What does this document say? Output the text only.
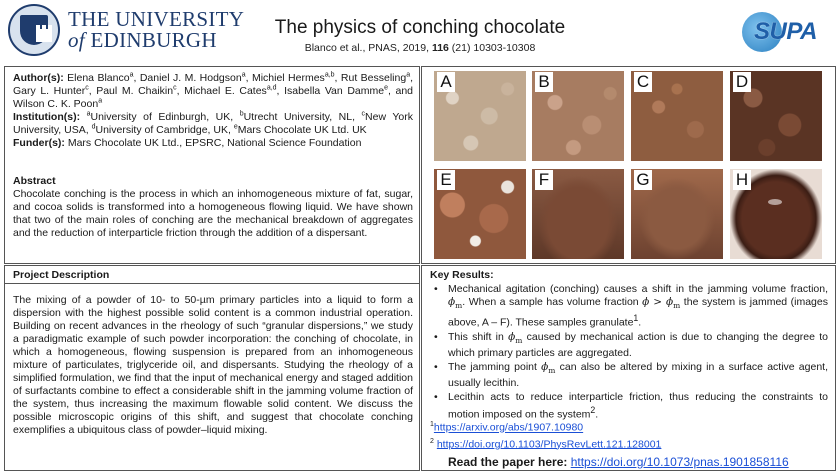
THE UNIVERSITY
of EDINBURGH
The physics of conching chocolate
Blanco et al., PNAS, 2019, 116 (21) 10303-10308
SUPA

Author(s): Elena Blanco$^a$, Daniel J. M. Hodgson$^a$, Michiel Hermes$^{a,b}$, Rut Besseling$^a$, Gary L. Hunter$^c$, Paul M. Chaikin$^c$, Michael E. Cates$^{a,d}$, Isabella Van Damme$^e$, and Wilson C. K. Poon$^a$

Institution(s): $^a$University of Edinburgh, UK, $^b$Utrecht University, NL, $^c$New York University, USA, $^d$University of Cambridge, UK, $^e$Mars Chocolate UK Ltd. UK

Funder(s): Mars Chocolate UK Ltd., EPSRC, National Science Foundation

Abstract
Chocolate conching is the process in which an inhomogeneous mixture of fat, sugar, and cocoa solids is transformed into a homogeneous flowing liquid. We have shown that two of the main roles of conching are the mechanical breakdown of aggregates and the reduction of interparticle friction through the addition of a dispersant.
A	B	C	D
E	F	G	H
Project Description
The mixing of a powder of 10- to 50-µm primary particles into a liquid to form a dispersion with the highest possible solid content is a common industrial operation. Building on recent advances in the rheology of such “granular dispersions,” we study a paradigmatic example of such powder incorporation: the conching of chocolate, in which a homogeneous, flowing suspension is prepared from an inhomogeneous mixture of particulates, triglyceride oil, and dispersants. Studying the rheology of a simplified formulation, we find that the input of mechanical energy and staged addition of surfactants combine to effect a considerable shift in the jamming volume fraction of the system, thus increasing the maximum flowable solid content. We discuss the possible microscopic origins of this shift, and suggest that chocolate conching exemplifies a ubiquitous class of powder–liquid mixing.
Key Results:
• Mechanical agitation (conching) causes a shift in the jamming volume fraction, $\phi_m$. When a sample has volume fraction $\phi > \phi_m$ the system is jammed (images above, A – F). These samples granulate$^1$.
• This shift in $\phi_m$ caused by mechanical action is due to changing the degree to which primary particles are aggregated.
• The jamming point $\phi_m$ can also be altered by mixing in a surface active agent, usually lecithin.
• Lecithin acts to reduce interparticle friction, thus reducing the constraints to motion imposed on the system$^2$.
$^1$https://arxiv.org/abs/1907.10980
$^2$ https://doi.org/10.1103/PhysRevLett.121.128001
Read the paper here: https://doi.org/10.1073/pnas.1901858116
